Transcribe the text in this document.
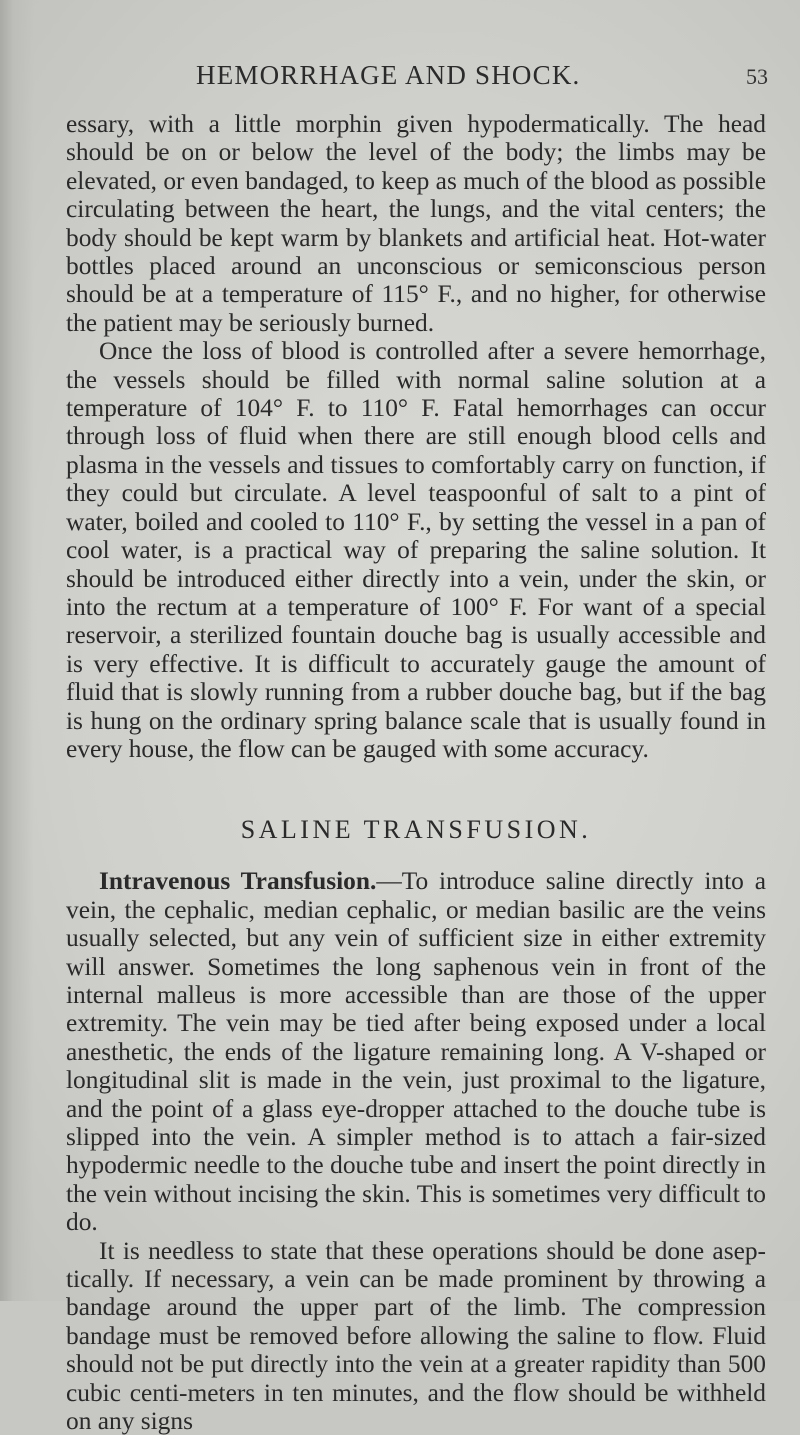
HEMORRHAGE AND SHOCK.	53

essary, with a little morphin given hypodermatically. The head should be on or below the level of the body; the limbs may be elevated, or even bandaged, to keep as much of the blood as possible circulating between the heart, the lungs, and the vital centers; the body should be kept warm by blankets and artificial heat. Hot-water bottles placed around an unconscious or semiconscious person should be at a temperature of 115° F., and no higher, for otherwise the patient may be seriously burned.

Once the loss of blood is controlled after a severe hemorrhage, the vessels should be filled with normal saline solution at a temperature of 104° F. to 110° F. Fatal hemorrhages can occur through loss of fluid when there are still enough blood cells and plasma in the vessels and tissues to comfortably carry on function, if they could but circulate. A level teaspoonful of salt to a pint of water, boiled and cooled to 110° F., by setting the vessel in a pan of cool water, is a practical way of preparing the saline solution. It should be introduced either directly into a vein, under the skin, or into the rectum at a temperature of 100° F. For want of a special reservoir, a sterilized fountain douche bag is usually accessible and is very effective. It is difficult to accurately gauge the amount of fluid that is slowly running from a rubber douche bag, but if the bag is hung on the ordinary spring balance scale that is usually found in every house, the flow can be gauged with some accuracy.

SALINE TRANSFUSION.

Intravenous Transfusion.—To introduce saline directly into a vein, the cephalic, median cephalic, or median basilic are the veins usually selected, but any vein of sufficient size in either extremity will answer. Sometimes the long saphenous vein in front of the internal malleus is more accessible than are those of the upper extremity. The vein may be tied after being exposed under a local anesthetic, the ends of the ligature remaining long. A V-shaped or longitudinal slit is made in the vein, just proximal to the ligature, and the point of a glass eye-dropper attached to the douche tube is slipped into the vein. A simpler method is to attach a fair-sized hypodermic needle to the douche tube and insert the point directly in the vein without incising the skin. This is sometimes very difficult to do.

It is needless to state that these operations should be done asep-tically. If necessary, a vein can be made prominent by throwing a bandage around the upper part of the limb. The compression bandage must be removed before allowing the saline to flow. Fluid should not be put directly into the vein at a greater rapidity than 500 cubic centi-meters in ten minutes, and the flow should be withheld on any signs
